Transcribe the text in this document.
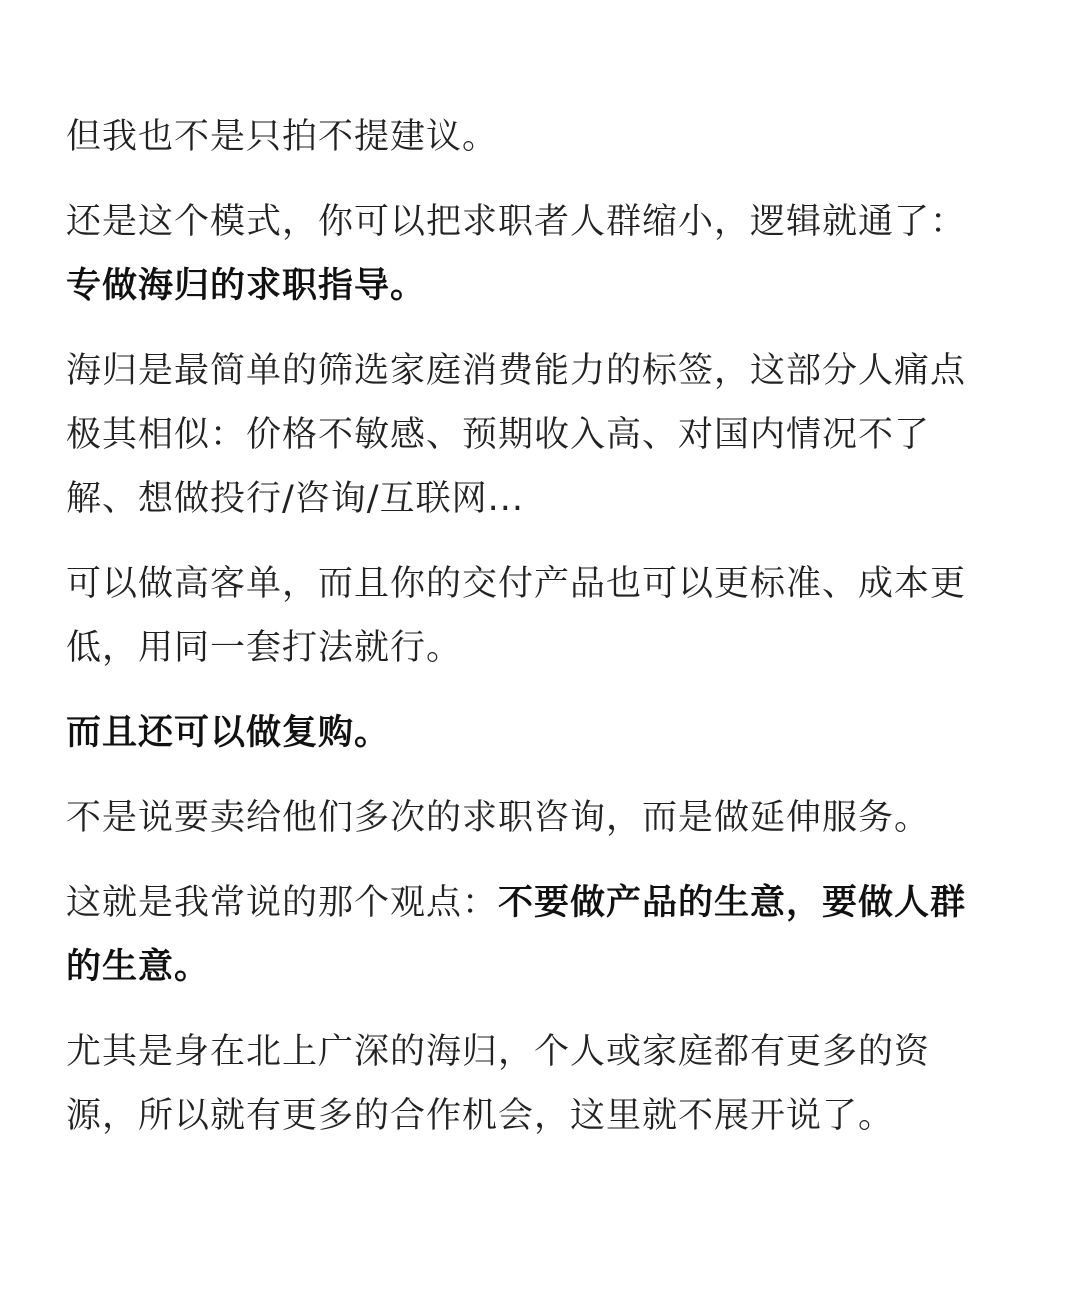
但我也不是只拍不提建议。

还是这个模式，你可以把求职者人群缩小，逻辑就通了：专做海归的求职指导。

海归是最简单的筛选家庭消费能力的标签，这部分人痛点极其相似：价格不敏感、预期收入高、对国内情况不了解、想做投行/咨询/互联网...

可以做高客单，而且你的交付产品也可以更标准、成本更低，用同一套打法就行。

而且还可以做复购。

不是说要卖给他们多次的求职咨询，而是做延伸服务。

这就是我常说的那个观点：不要做产品的生意，要做人群的生意。

尤其是身在北上广深的海归，个人或家庭都有更多的资源，所以就有更多的合作机会，这里就不展开说了。
